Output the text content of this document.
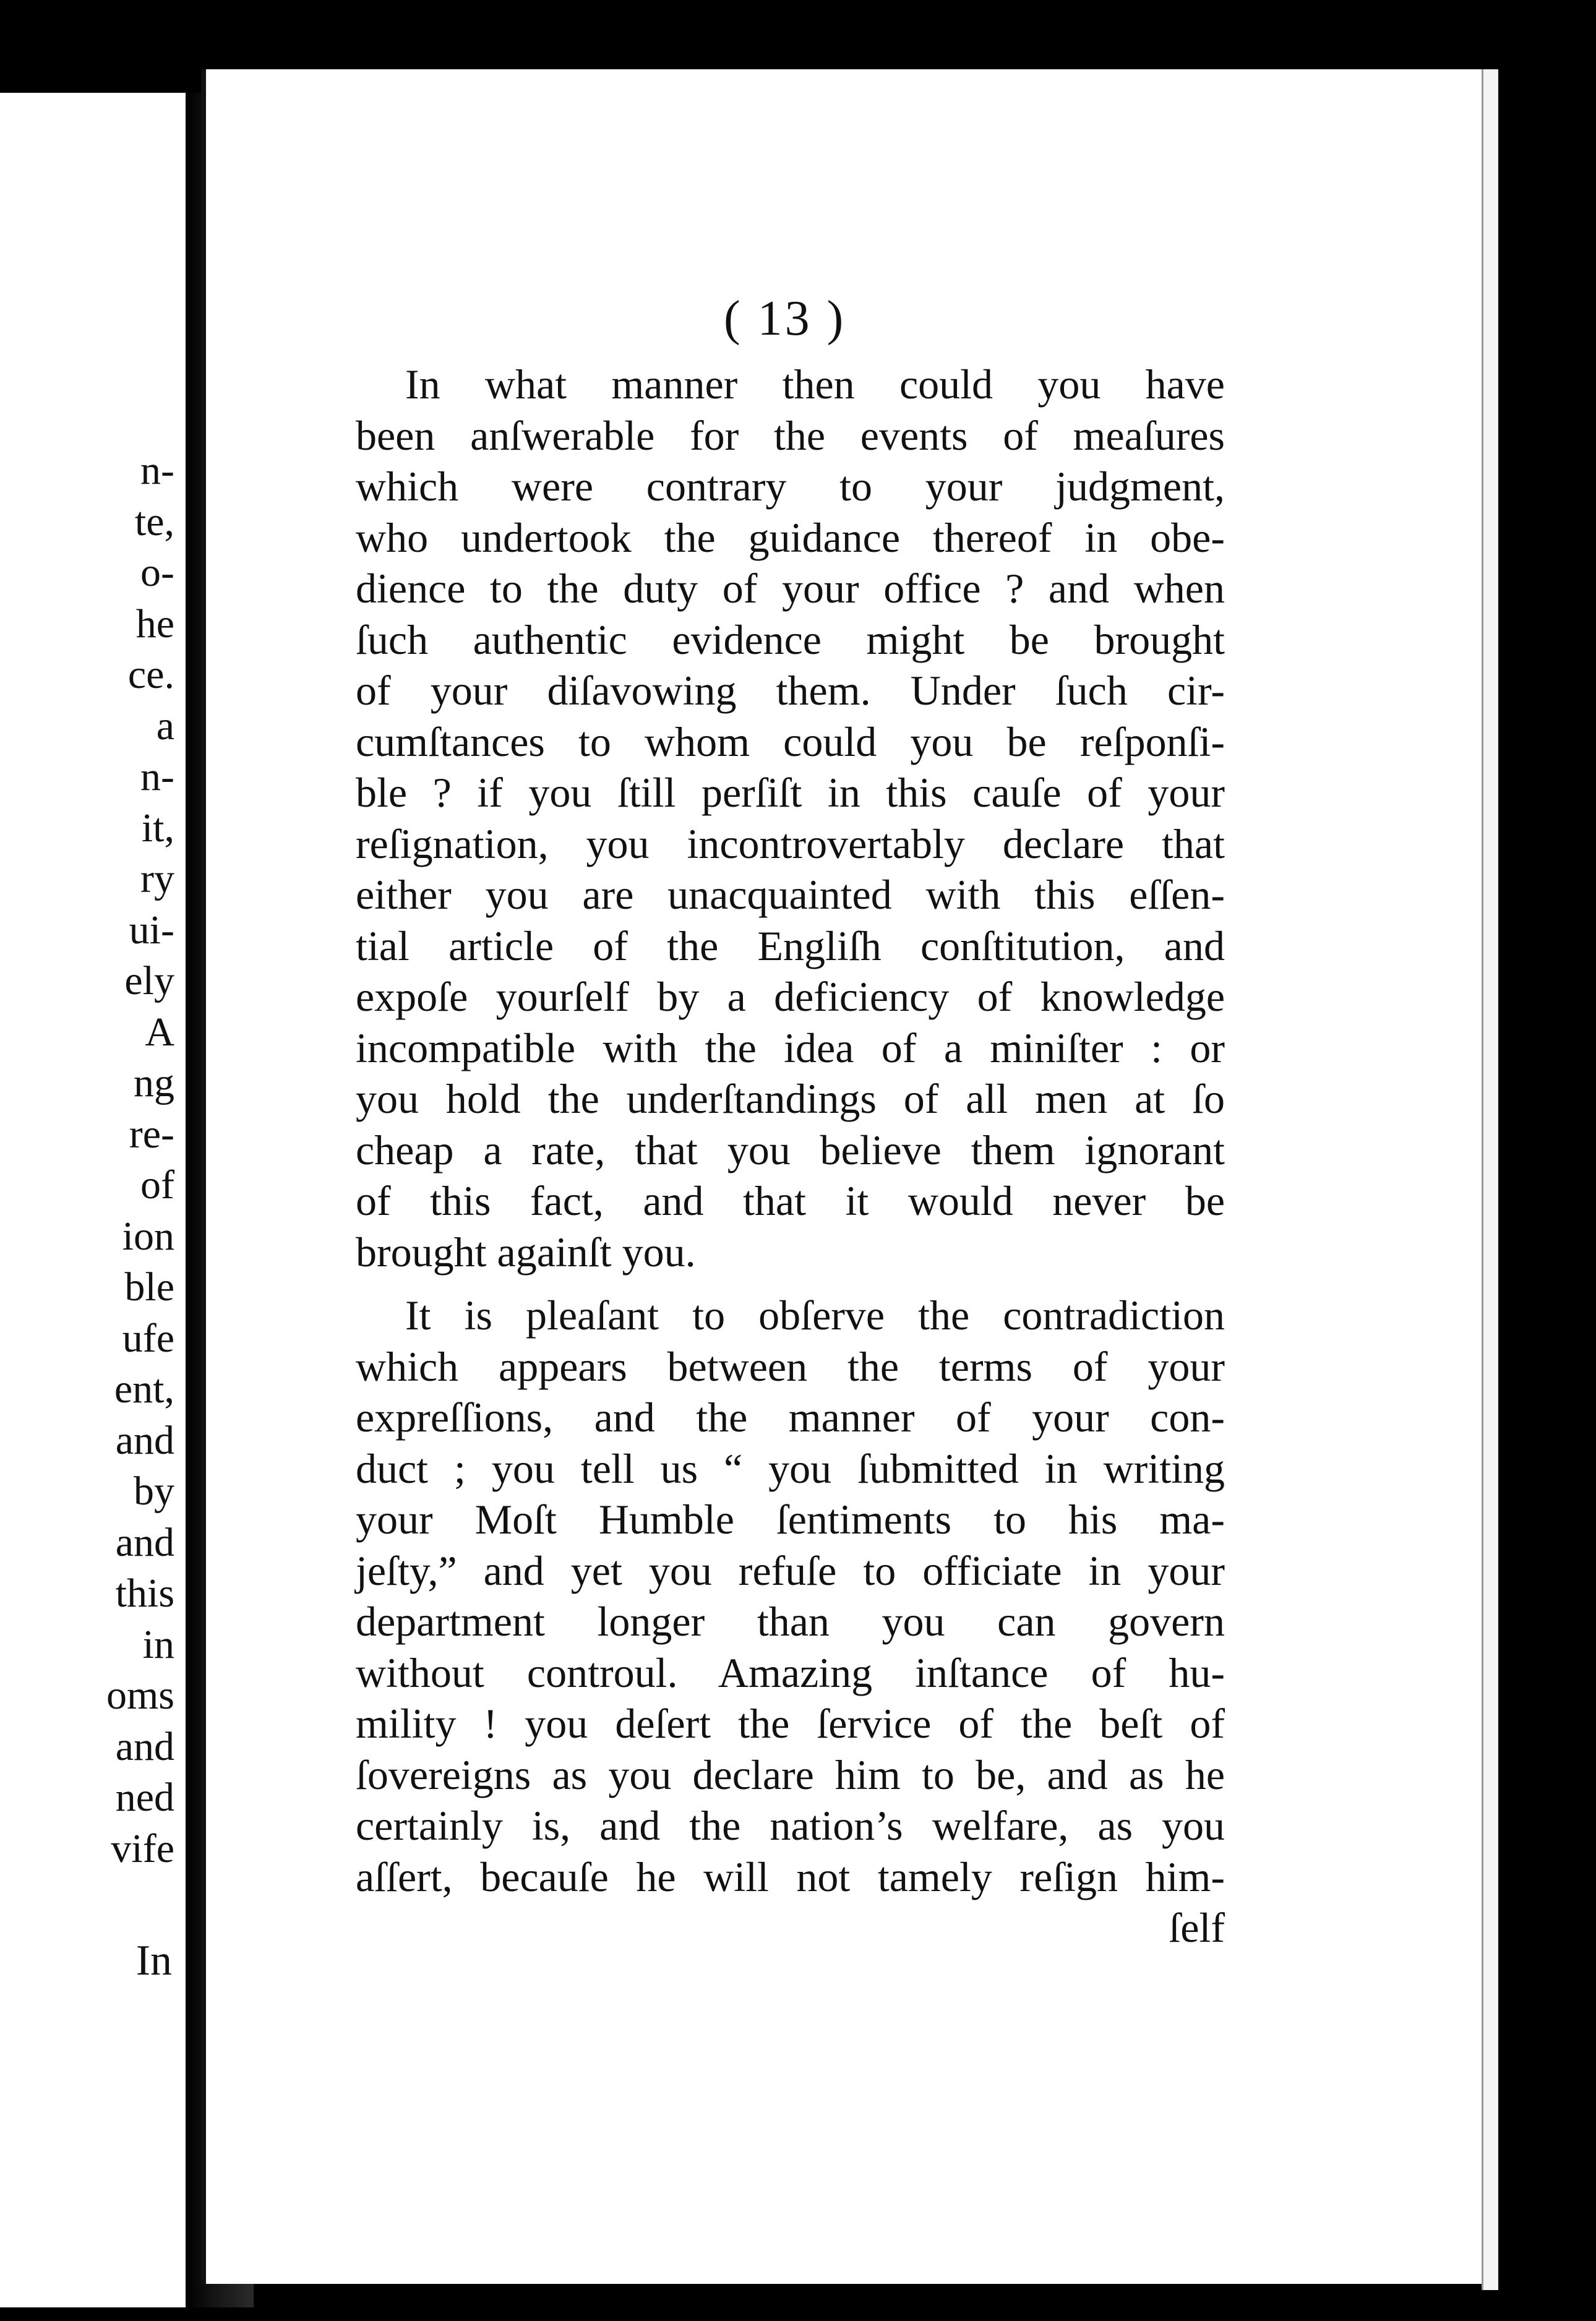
n-
te,
o-
he
ce.
a
n-
it,
ry
ui-
ely
A
ng
re-
of
ion
ble
ufe
ent,
and
by
and
this
in
oms
and
ned
vife
In
( 13 )
In what manner then could you have
been anſwerable for the events of meaſures
which were contrary to your judgment,
who undertook the guidance thereof in obe-
dience to the duty of your office ? and when
ſuch authentic evidence might be brought
of your diſavowing them. Under ſuch cir-
cumſtances to whom could you be reſponſi-
ble ? if you ſtill perſiſt in this cauſe of your
reſignation, you incontrovertably declare that
either you are unacquainted with this eſſen-
tial article of the Engliſh conſtitution, and
expoſe yourſelf by a deficiency of knowledge
incompatible with the idea of a miniſter : or
you hold the underſtandings of all men at ſo
cheap a rate, that you believe them ignorant
of this fact, and that it would never be
brought againſt you.
It is pleaſant to obſerve the contradiction
which appears between the terms of your
expreſſions, and the manner of your con-
duct ; you tell us “ you ſubmitted in writing
your Moſt Humble ſentiments to his ma-
jeſty,” and yet you refuſe to officiate in your
department longer than you can govern
without controul. Amazing inſtance of hu-
mility ! you deſert the ſervice of the beſt of
ſovereigns as you declare him to be, and as he
certainly is, and the nation’s welfare, as you
aſſert, becauſe he will not tamely reſign him-
ſelf
